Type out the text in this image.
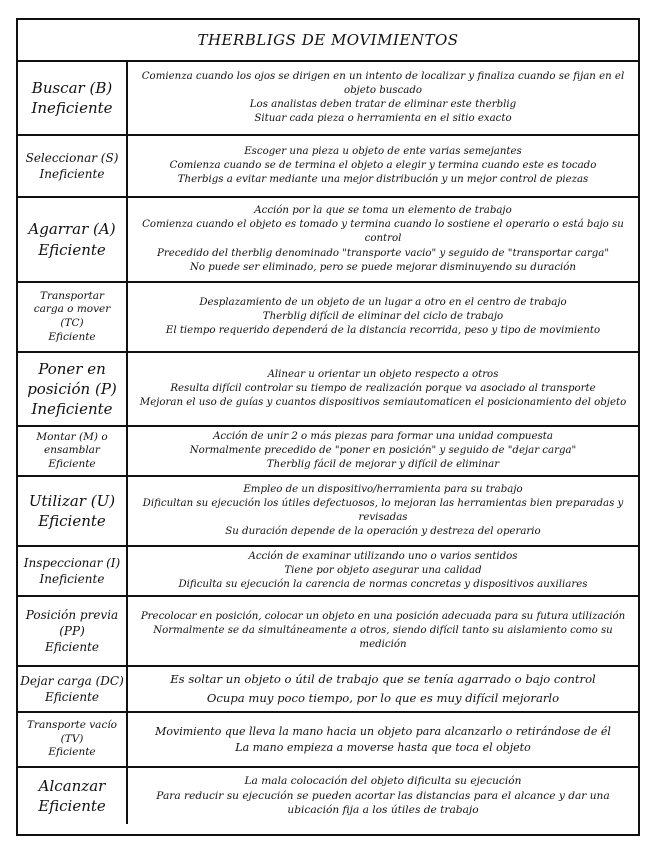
THERBLIGS DE MOVIMIENTOS
Buscar (B)
Ineficiente
Comienza cuando los ojos se dirigen en un intento de localizar y finaliza cuando se fijan en el objeto buscado
Los analistas deben tratar de eliminar este therblig
Situar cada pieza o herramienta en el sitio exacto
Seleccionar (S)
Ineficiente
Escoger una pieza u objeto de ente varias semejantes
Comienza cuando se de termina el objeto a elegir y termina cuando este es tocado
Therbigs a evitar mediante una mejor distribución y un mejor control de piezas
Agarrar (A)
Eficiente
Acción por la que se toma un elemento de trabajo
Comienza cuando el objeto es tomado y termina cuando lo sostiene el operario o está bajo su control
Precedido del therblig denominado "transporte vacio" y seguido de "transportar carga"
No puede ser eliminado, pero se puede mejorar disminuyendo su duración
Transportar
carga o mover
(TC)
Eficiente
Desplazamiento de un objeto de un lugar a otro en el centro de trabajo
Therblig difícil de eliminar del ciclo de trabajo
El tiempo requerido dependerá de la distancia recorrida, peso y tipo de movimiento
Poner en
posición (P)
Ineficiente
Alinear u orientar un objeto respecto a otros
Resulta difícil controlar su tiempo de realización porque va asociado al transporte
Mejoran el uso de guías y cuantos dispositivos semiautomaticen el posicionamiento del objeto
Montar (M) o
ensamblar
Eficiente
Acción de unir 2 o más piezas para formar una unidad compuesta
Normalmente precedido de "poner en posición" y seguido de "dejar carga"
Therblig fácil de mejorar y difícil de eliminar
Utilizar (U)
Eficiente
Empleo de un dispositivo/herramienta para su trabajo
Dificultan su ejecución los útiles defectuosos, lo mejoran las herramientas bien preparadas y revisadas
Su duración depende de la operación y destreza del operario
Inspeccionar (I)
Ineficiente
Acción de examinar utilizando uno o varios sentidos
Tiene por objeto asegurar una calidad
Dificulta su ejecución la carencia de normas concretas y dispositivos auxiliares
Posición previa
(PP)
Eficiente
Precolocar en posición, colocar un objeto en una posición adecuada para su futura utilización
Normalmente se da simultáneamente a otros, siendo difícil tanto su aislamiento como su medición
Dejar carga (DC)
Eficiente
Es soltar un objeto o útil de trabajo que se tenía agarrado o bajo control
Ocupa muy poco tiempo, por lo que es muy difícil mejorarlo
Transporte vacío
(TV)
Eficiente
Movimiento que lleva la mano hacia un objeto para alcanzarlo o retirándose de él
La mano empieza a moverse hasta que toca el objeto
Alcanzar
Eficiente
La mala colocación del objeto dificulta su ejecución
Para reducir su ejecución se pueden acortar las distancias para el alcance y dar una ubicación fija a los útiles de trabajo
